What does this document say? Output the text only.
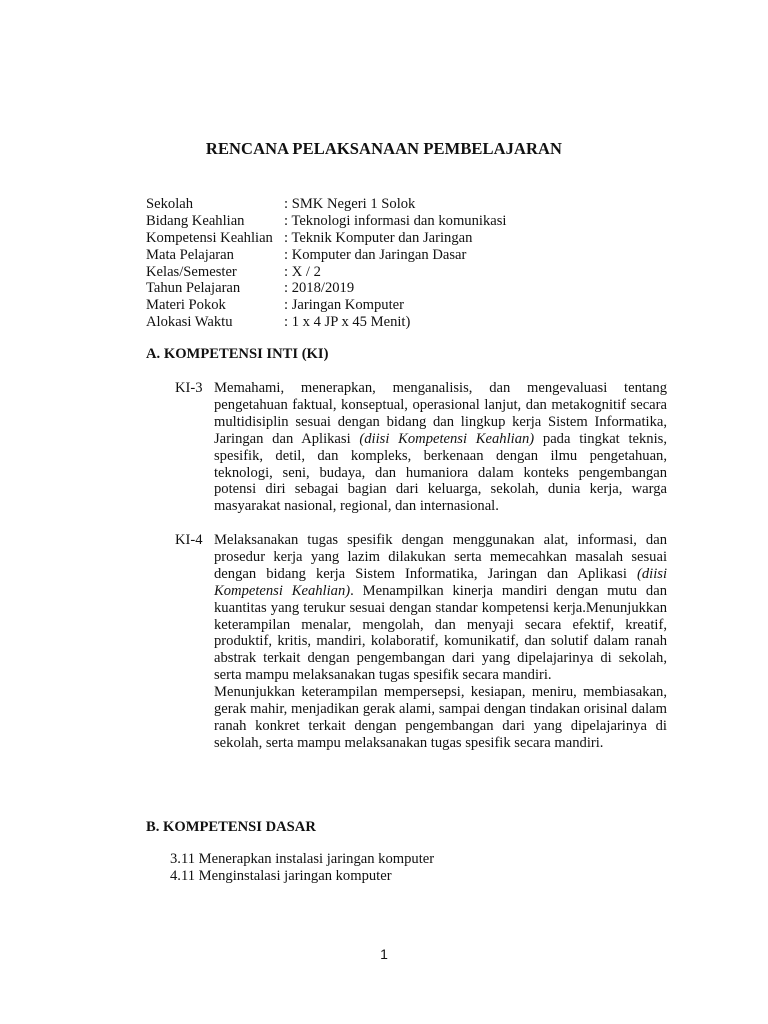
RENCANA PELAKSANAAN PEMBELAJARAN
Sekolah	: SMK Negeri 1 Solok
Bidang Keahlian	: Teknologi informasi dan komunikasi
Kompetensi Keahlian : Teknik Komputer dan Jaringan
Mata Pelajaran	: Komputer dan Jaringan Dasar
Kelas/Semester	: X / 2
Tahun Pelajaran	: 2018/2019
Materi Pokok	: Jaringan Komputer
Alokasi Waktu	: 1 x 4 JP x 45 Menit)
A. KOMPETENSI INTI (KI)
KI-3 Memahami, menerapkan, menganalisis, dan mengevaluasi tentang pengetahuan faktual, konseptual, operasional lanjut, dan metakognitif secara multidisiplin sesuai dengan bidang dan lingkup kerja Sistem Informatika, Jaringan dan Aplikasi (diisi Kompetensi Keahlian) pada tingkat teknis, spesifik, detil, dan kompleks, berkenaan dengan ilmu pengetahuan, teknologi, seni, budaya, dan humaniora dalam konteks pengembangan potensi diri sebagai bagian dari keluarga, sekolah, dunia kerja, warga masyarakat nasional, regional, dan internasional.

KI-4 Melaksanakan tugas spesifik dengan menggunakan alat, informasi, dan prosedur kerja yang lazim dilakukan serta memecahkan masalah sesuai dengan bidang kerja Sistem Informatika, Jaringan dan Aplikasi (diisi Kompetensi Keahlian). Menampilkan kinerja mandiri dengan mutu dan kuantitas yang terukur sesuai dengan standar kompetensi kerja.Menunjukkan keterampilan menalar, mengolah, dan menyaji secara efektif, kreatif, produktif, kritis, mandiri, kolaboratif, komunikatif, dan solutif dalam ranah abstrak terkait dengan pengembangan dari yang dipelajarinya di sekolah, serta mampu melaksanakan tugas spesifik secara mandiri.

Menunjukkan keterampilan mempersepsi, kesiapan, meniru, membiasakan, gerak mahir, menjadikan gerak alami, sampai dengan tindakan orisinal dalam ranah konkret terkait dengan pengembangan dari yang dipelajarinya di sekolah, serta mampu melaksanakan tugas spesifik secara mandiri.

B. KOMPETENSI DASAR
3.11 Menerapkan instalasi jaringan komputer
4.11 Menginstalasi jaringan komputer
1
